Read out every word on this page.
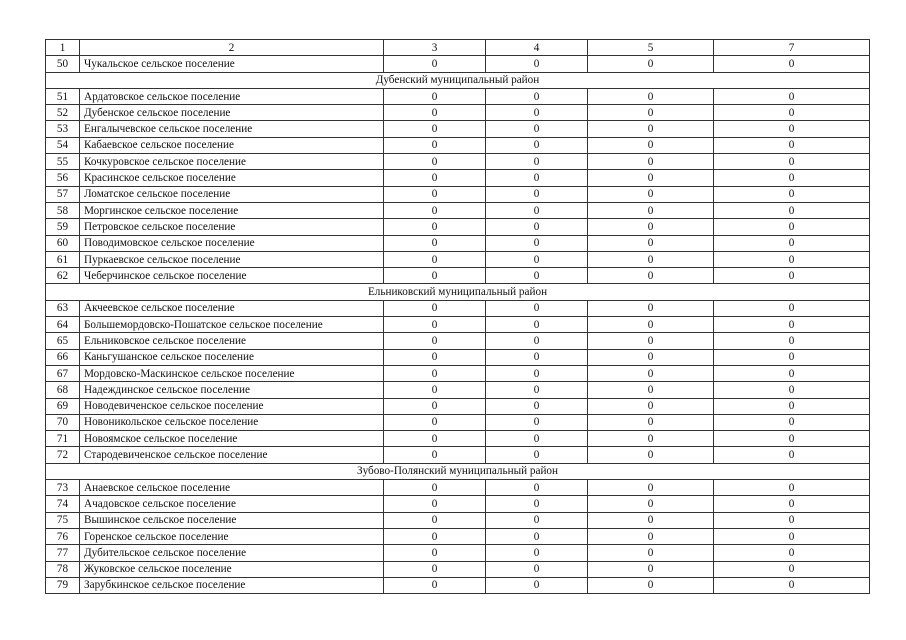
1	2	3	4	5	7
50	Чукальское сельское поселение	0	0	0	0
Дубенский муниципальный район					
51	Ардатовское сельское поселение	0	0	0	0
52	Дубенское сельское поселение	0	0	0	0
53	Енгалычевское сельское поселение	0	0	0	0
54	Кабаевское сельское поселение	0	0	0	0
55	Кочкуровское сельское поселение	0	0	0	0
56	Красинское сельское поселение	0	0	0	0
57	Ломатское сельское поселение	0	0	0	0
58	Моргинское сельское поселение	0	0	0	0
59	Петровское сельское поселение	0	0	0	0
60	Поводимовское сельское поселение	0	0	0	0
61	Пуркаевское сельское поселение	0	0	0	0
62	Чеберчинское сельское поселение	0	0	0	0
Ельниковский муниципальный район					
63	Акчеевское сельское поселение	0	0	0	0
64	Большемордовско-Пошатское сельское поселение	0	0	0	0
65	Ельниковское сельское поселение	0	0	0	0
66	Каньгушанское сельское поселение	0	0	0	0
67	Мордовско-Маскинское сельское поселение	0	0	0	0
68	Надеждинское сельское поселение	0	0	0	0
69	Новодевиченское сельское поселение	0	0	0	0
70	Новоникольское сельское поселение	0	0	0	0
71	Новоямское сельское поселение	0	0	0	0
72	Стародевиченское сельское поселение	0	0	0	0
Зубово-Полянский муниципальный район					
73	Анаевское сельское поселение	0	0	0	0
74	Ачадовское сельское поселение	0	0	0	0
75	Вышинское сельское поселение	0	0	0	0
76	Горенское сельское поселение	0	0	0	0
77	Дубительское сельское поселение	0	0	0	0
78	Жуковское сельское поселение	0	0	0	0
79	Зарубкинское сельское поселение	0	0	0	0
